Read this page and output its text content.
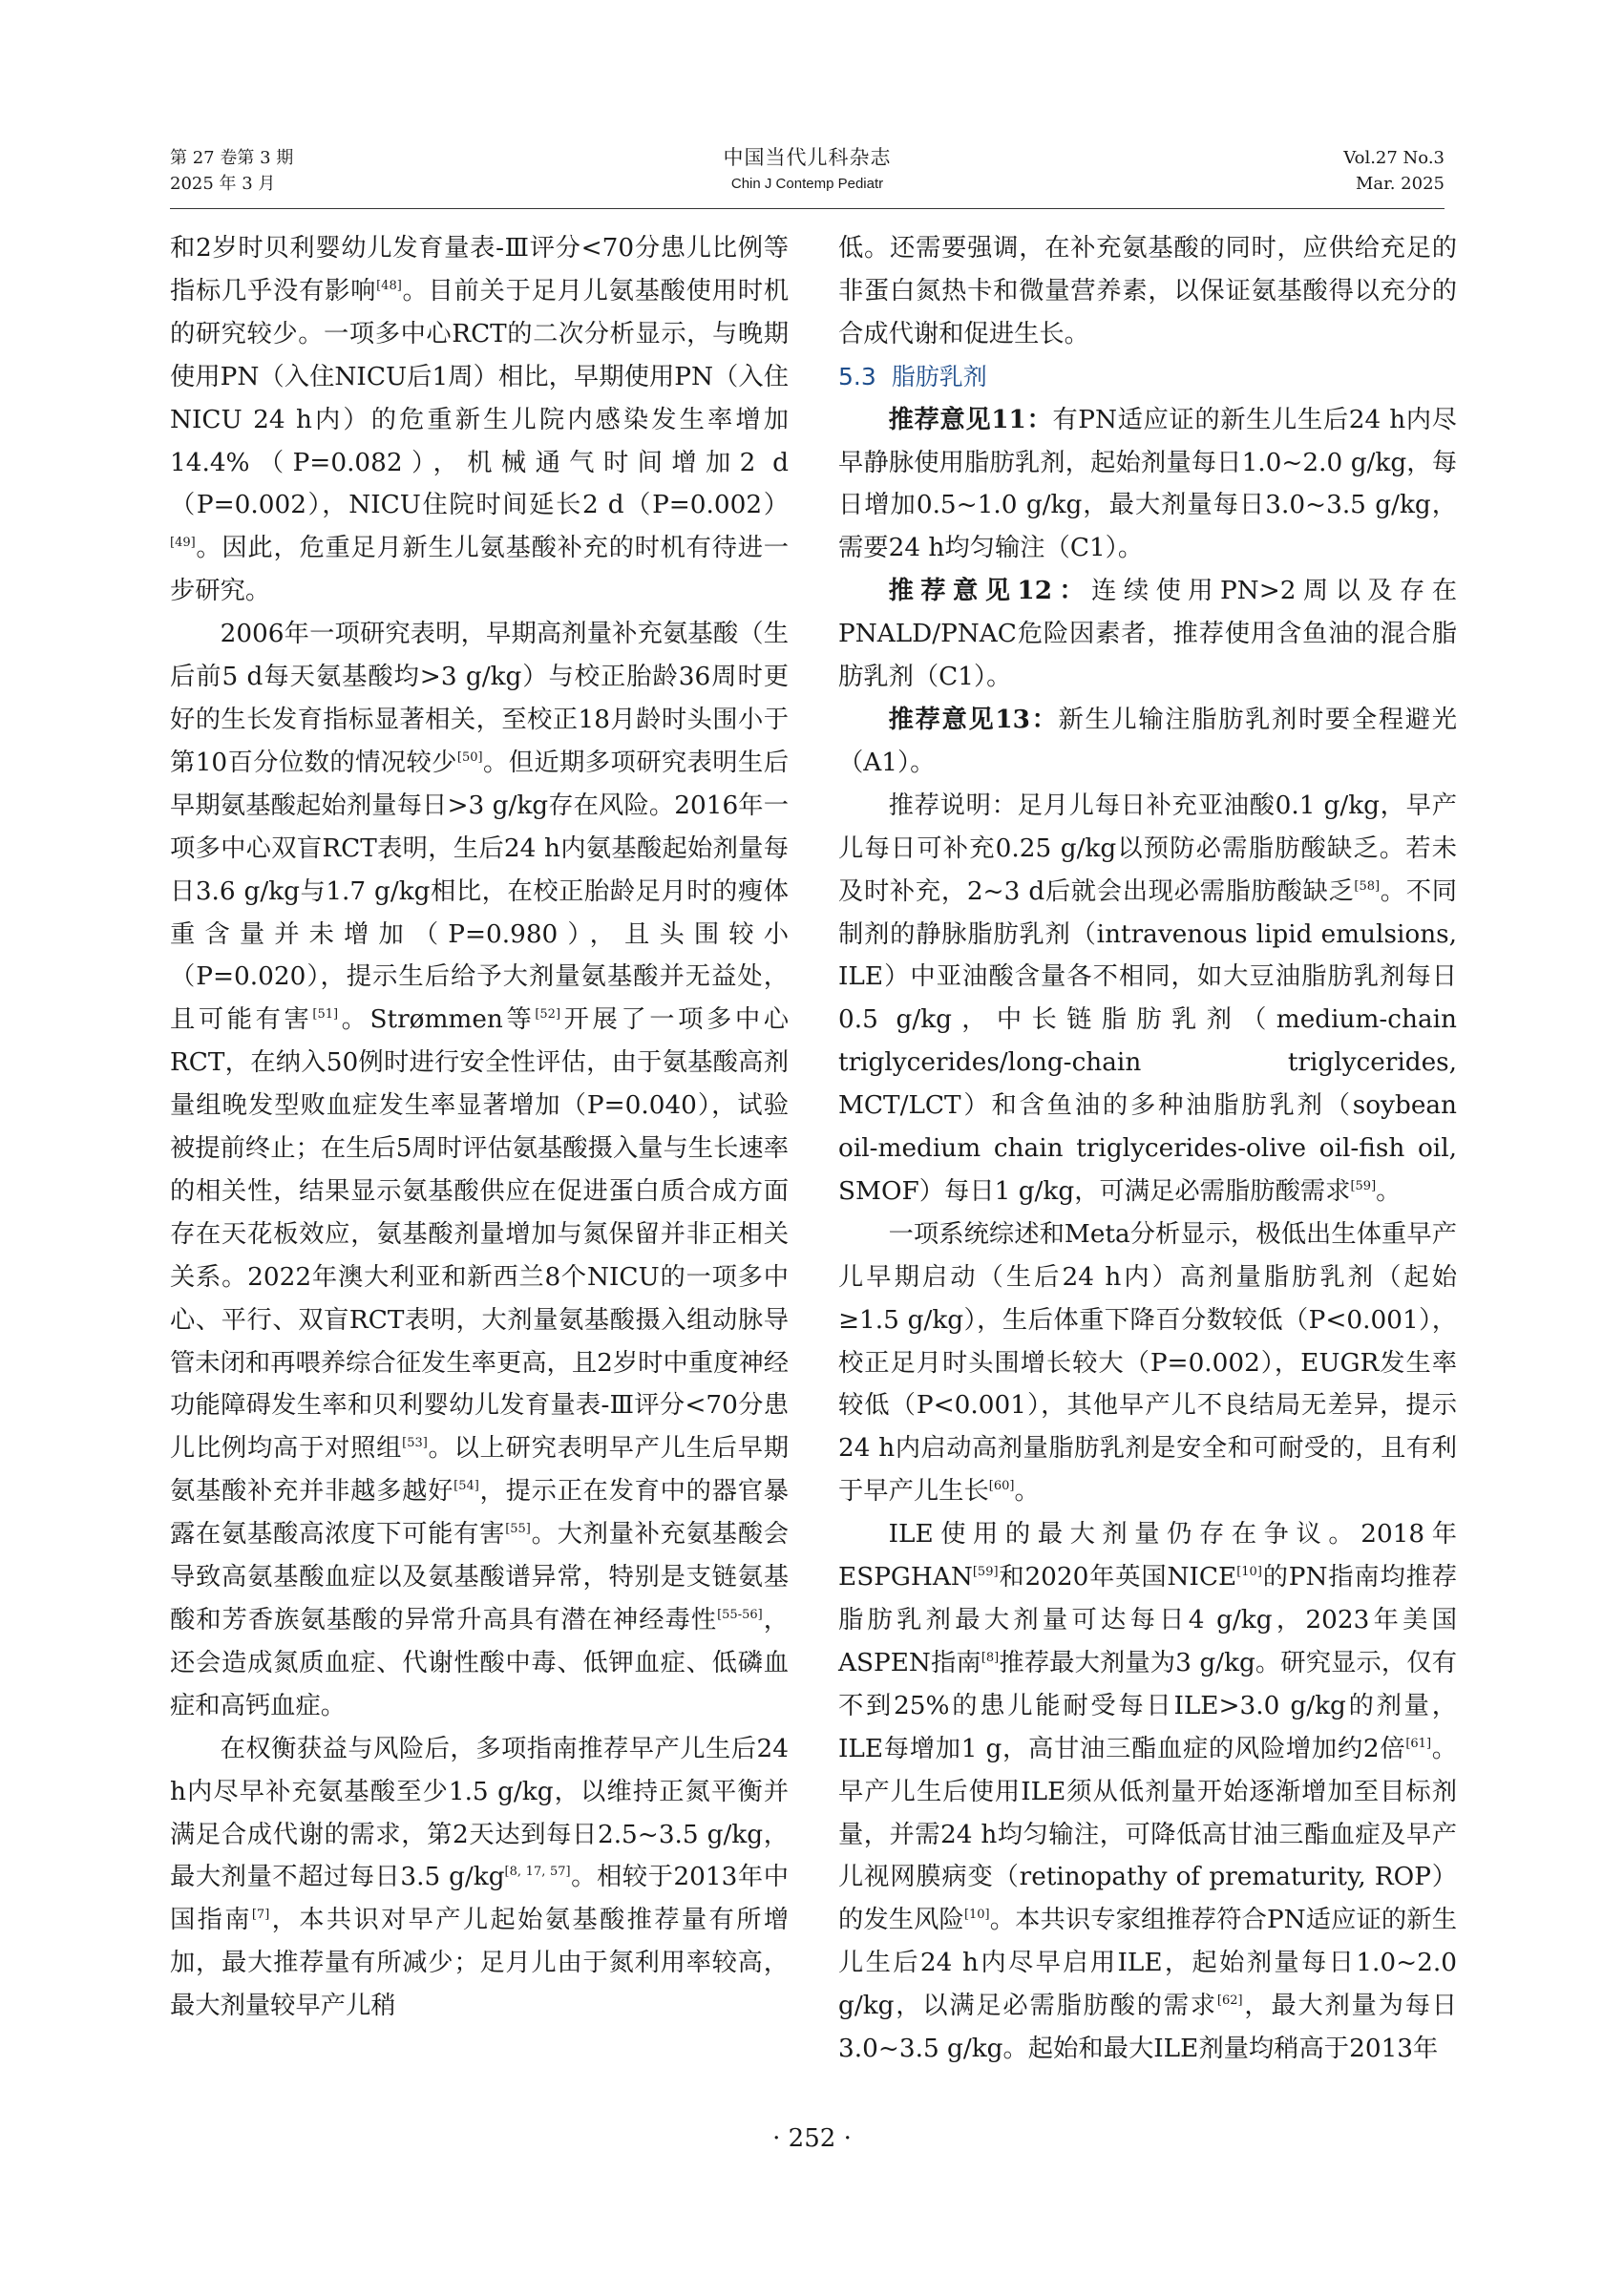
第 27 卷第 3 期
2025 年 3 月
中国当代儿科杂志
Chin J Contemp Pediatr
Vol.27 No.3
Mar. 2025

和2岁时贝利婴幼儿发育量表-Ⅲ评分<70分患儿比例等指标几乎没有影响[48]。目前关于足月儿氨基酸使用时机的研究较少。一项多中心RCT的二次分析显示，与晚期使用PN（入住NICU后1周）相比，早期使用PN（入住NICU 24 h内）的危重新生儿院内感染发生率增加14.4%（P=0.082），机械通气时间增加2 d（P=0.002），NICU住院时间延长2 d（P=0.002）[49]。因此，危重足月新生儿氨基酸补充的时机有待进一步研究。

2006年一项研究表明，早期高剂量补充氨基酸（生后前5 d每天氨基酸均>3 g/kg）与校正胎龄36周时更好的生长发育指标显著相关，至校正18月龄时头围小于第10百分位数的情况较少[50]。但近期多项研究表明生后早期氨基酸起始剂量每日>3 g/kg存在风险。2016年一项多中心双盲RCT表明，生后24 h内氨基酸起始剂量每日3.6 g/kg与1.7 g/kg相比，在校正胎龄足月时的瘦体重含量并未增加（P=0.980），且头围较小（P=0.020），提示生后给予大剂量氨基酸并无益处，且可能有害[51]。Strømmen等[52]开展了一项多中心RCT，在纳入50例时进行安全性评估，由于氨基酸高剂量组晚发型败血症发生率显著增加（P=0.040），试验被提前终止；在生后5周时评估氨基酸摄入量与生长速率的相关性，结果显示氨基酸供应在促进蛋白质合成方面存在天花板效应，氨基酸剂量增加与氮保留并非正相关关系。2022年澳大利亚和新西兰8个NICU的一项多中心、平行、双盲RCT表明，大剂量氨基酸摄入组动脉导管未闭和再喂养综合征发生率更高，且2岁时中重度神经功能障碍发生率和贝利婴幼儿发育量表-Ⅲ评分<70分患儿比例均高于对照组[53]。以上研究表明早产儿生后早期氨基酸补充并非越多越好[54]，提示正在发育中的器官暴露在氨基酸高浓度下可能有害[55]。大剂量补充氨基酸会导致高氨基酸血症以及氨基酸谱异常，特别是支链氨基酸和芳香族氨基酸的异常升高具有潜在神经毒性[55-56]，还会造成氮质血症、代谢性酸中毒、低钾血症、低磷血症和高钙血症。

在权衡获益与风险后，多项指南推荐早产儿生后24 h内尽早补充氨基酸至少1.5 g/kg，以维持正氮平衡并满足合成代谢的需求，第2天达到每日2.5~3.5 g/kg，最大剂量不超过每日3.5 g/kg[8, 17, 57]。相较于2013年中国指南[7]，本共识对早产儿起始氨基酸推荐量有所增加，最大推荐量有所减少；足月儿由于氮利用率较高，最大剂量较早产儿稍

低。还需要强调，在补充氨基酸的同时，应供给充足的非蛋白氮热卡和微量营养素，以保证氨基酸得以充分的合成代谢和促进生长。

5.3 脂肪乳剂

推荐意见11：有PN适应证的新生儿生后24 h内尽早静脉使用脂肪乳剂，起始剂量每日1.0~2.0 g/kg，每日增加0.5~1.0 g/kg，最大剂量每日3.0~3.5 g/kg，需要24 h均匀输注（C1）。

推荐意见12：连续使用PN>2周以及存在PNALD/PNAC危险因素者，推荐使用含鱼油的混合脂肪乳剂（C1）。

推荐意见13：新生儿输注脂肪乳剂时要全程避光（A1）。

推荐说明：足月儿每日补充亚油酸0.1 g/kg，早产儿每日可补充0.25 g/kg以预防必需脂肪酸缺乏。若未及时补充，2~3 d后就会出现必需脂肪酸缺乏[58]。不同制剂的静脉脂肪乳剂（intravenous lipid emulsions, ILE）中亚油酸含量各不相同，如大豆油脂肪乳剂每日0.5 g/kg，中长链脂肪乳剂（medium-chain triglycerides/long-chain triglycerides, MCT/LCT）和含鱼油的多种油脂肪乳剂（soybean oil-medium chain triglycerides-olive oil-fish oil, SMOF）每日1 g/kg，可满足必需脂肪酸需求[59]。

一项系统综述和Meta分析显示，极低出生体重早产儿早期启动（生后24 h内）高剂量脂肪乳剂（起始≥1.5 g/kg），生后体重下降百分数较低（P<0.001），校正足月时头围增长较大（P=0.002），EUGR发生率较低（P<0.001），其他早产儿不良结局无差异，提示24 h内启动高剂量脂肪乳剂是安全和可耐受的，且有利于早产儿生长[60]。

ILE使用的最大剂量仍存在争议。2018年ESPGHAN[59]和2020年英国NICE[10]的PN指南均推荐脂肪乳剂最大剂量可达每日4 g/kg，2023年美国ASPEN指南[8]推荐最大剂量为3 g/kg。研究显示，仅有不到25%的患儿能耐受每日ILE>3.0 g/kg的剂量，ILE每增加1 g，高甘油三酯血症的风险增加约2倍[61]。早产儿生后使用ILE须从低剂量开始逐渐增加至目标剂量，并需24 h均匀输注，可降低高甘油三酯血症及早产儿视网膜病变（retinopathy of prematurity, ROP）的发生风险[10]。本共识专家组推荐符合PN适应证的新生儿生后24 h内尽早启用ILE，起始剂量每日1.0~2.0 g/kg，以满足必需脂肪酸的需求[62]，最大剂量为每日3.0~3.5 g/kg。起始和最大ILE剂量均稍高于2013年

· 252 ·
